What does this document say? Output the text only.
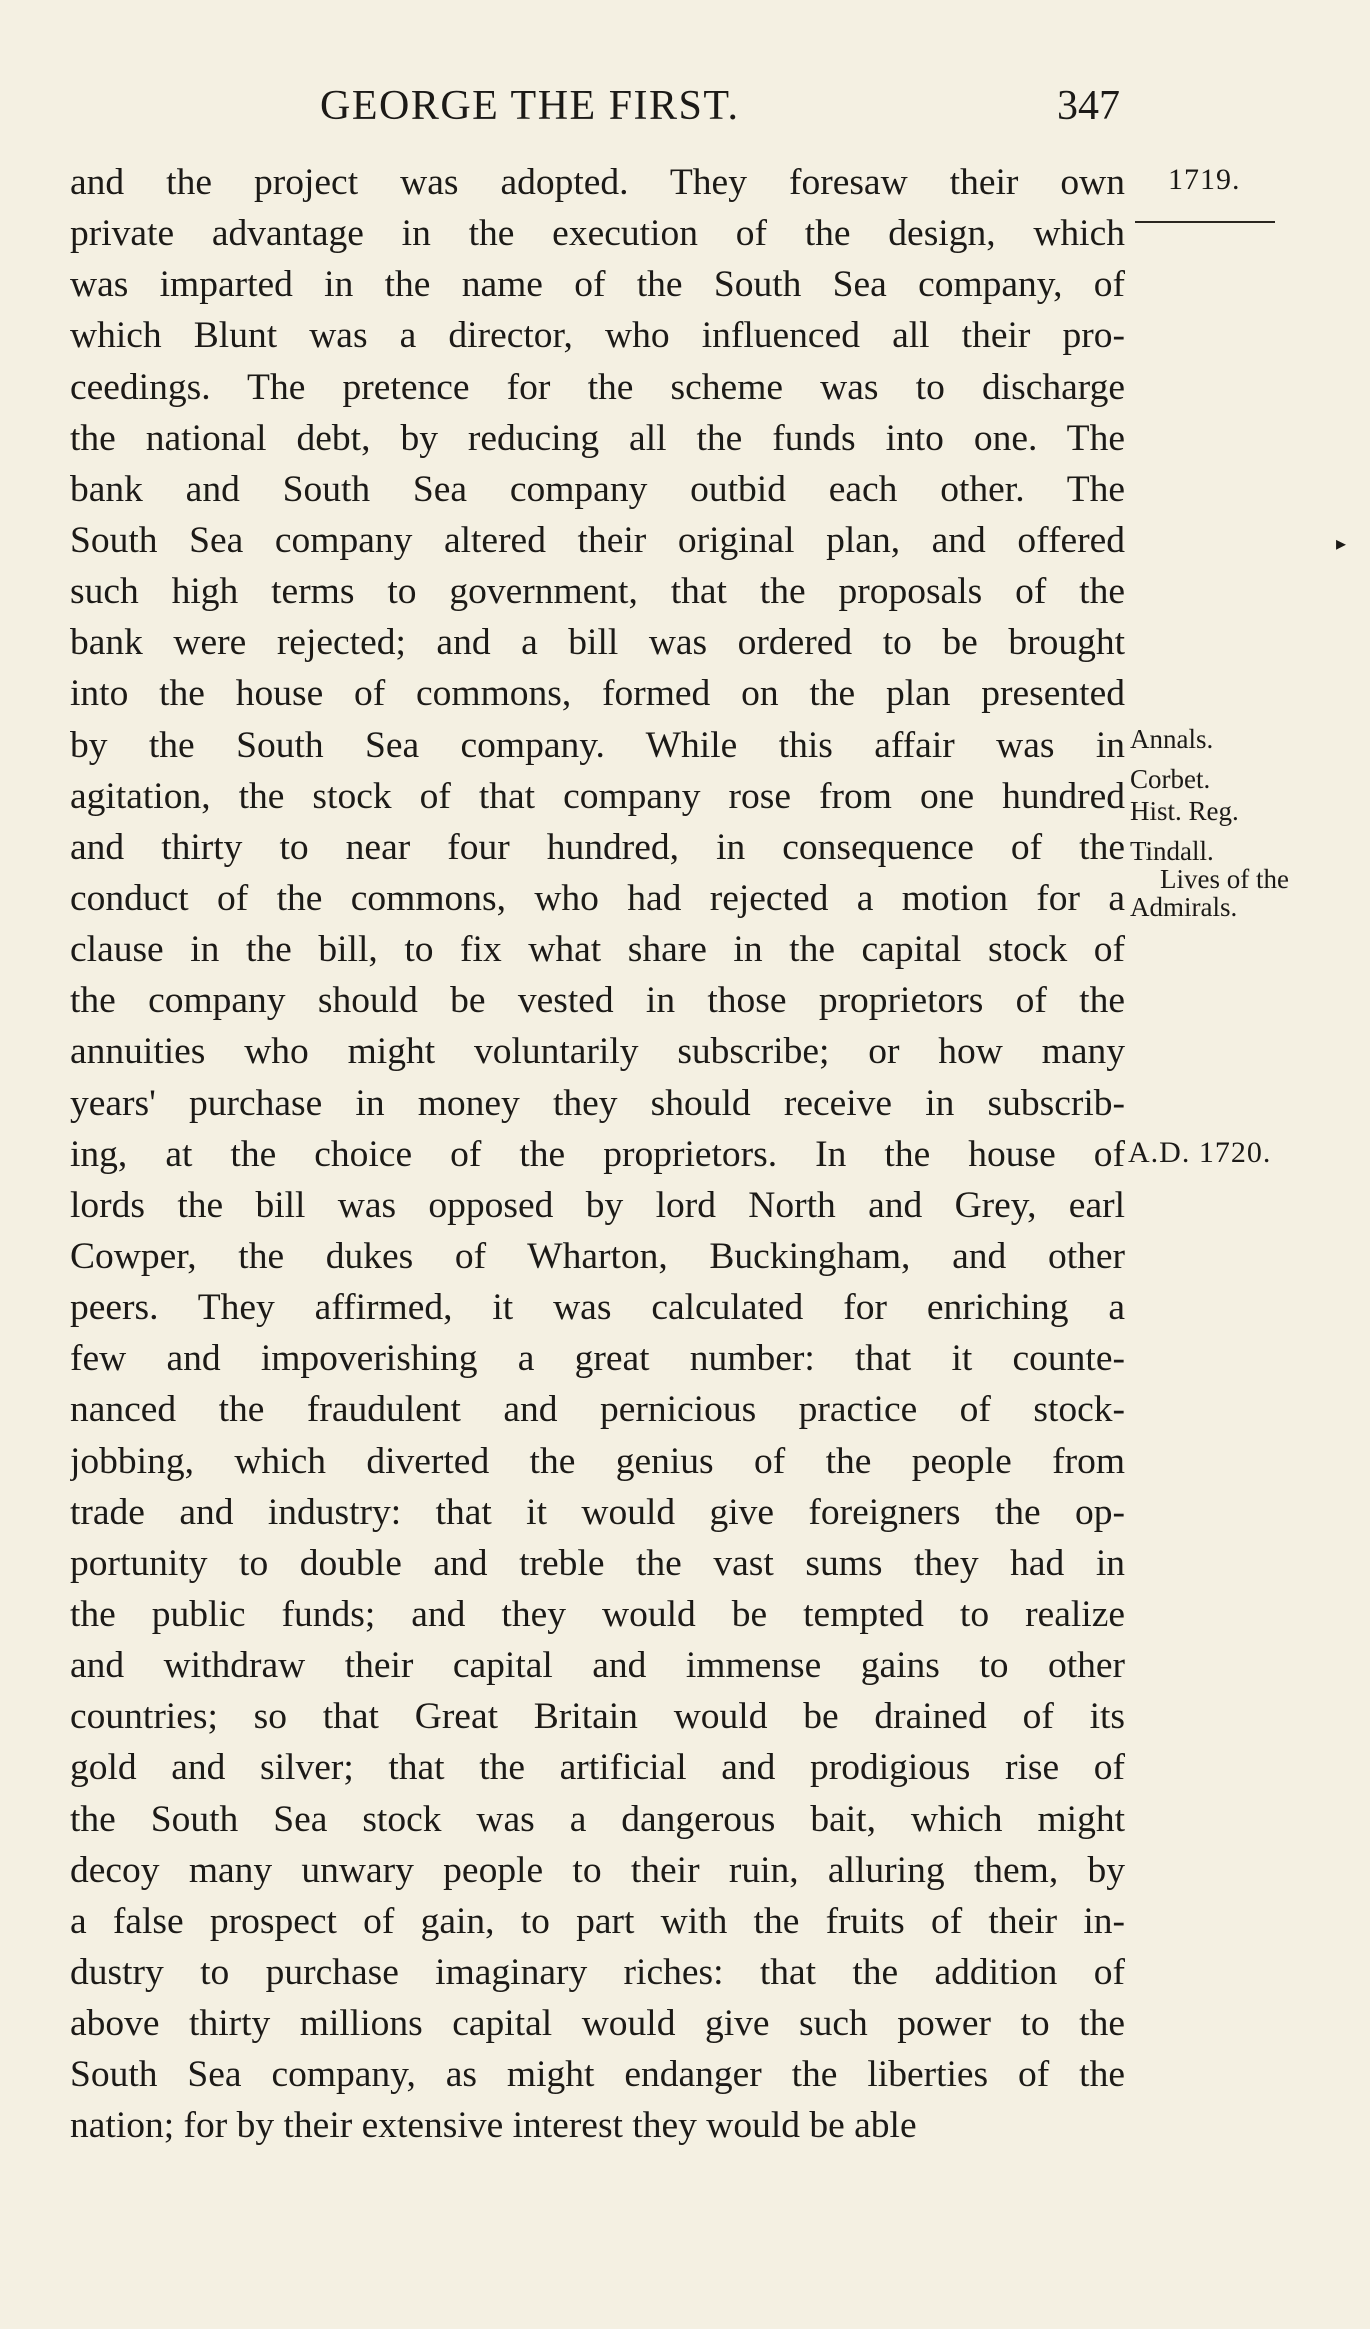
GEORGE THE FIRST.	347
1719.
▸
Annals.
Corbet.
Hist. Reg.
Tindall.
Lives of the
Admirals.
A.D. 1720.
and the project was adopted. They foresaw their own
private advantage in the execution of the design, which
was imparted in the name of the South Sea company, of
which Blunt was a director, who influenced all their pro-
ceedings. The pretence for the scheme was to discharge
the national debt, by reducing all the funds into one. The
bank and South Sea company outbid each other. The
South Sea company altered their original plan, and offered
such high terms to government, that the proposals of the
bank were rejected; and a bill was ordered to be brought
into the house of commons, formed on the plan presented
by the South Sea company. While this affair was in
agitation, the stock of that company rose from one hundred
and thirty to near four hundred, in consequence of the
conduct of the commons, who had rejected a motion for a
clause in the bill, to fix what share in the capital stock of
the company should be vested in those proprietors of the
annuities who might voluntarily subscribe; or how many
years' purchase in money they should receive in subscrib-
ing, at the choice of the proprietors. In the house of
lords the bill was opposed by lord North and Grey, earl
Cowper, the dukes of Wharton, Buckingham, and other
peers. They affirmed, it was calculated for enriching a
few and impoverishing a great number: that it counte-
nanced the fraudulent and pernicious practice of stock-
jobbing, which diverted the genius of the people from
trade and industry: that it would give foreigners the op-
portunity to double and treble the vast sums they had in
the public funds; and they would be tempted to realize
and withdraw their capital and immense gains to other
countries; so that Great Britain would be drained of its
gold and silver; that the artificial and prodigious rise of
the South Sea stock was a dangerous bait, which might
decoy many unwary people to their ruin, alluring them, by
a false prospect of gain, to part with the fruits of their in-
dustry to purchase imaginary riches: that the addition of
above thirty millions capital would give such power to the
South Sea company, as might endanger the liberties of the
nation; for by their extensive interest they would be able
